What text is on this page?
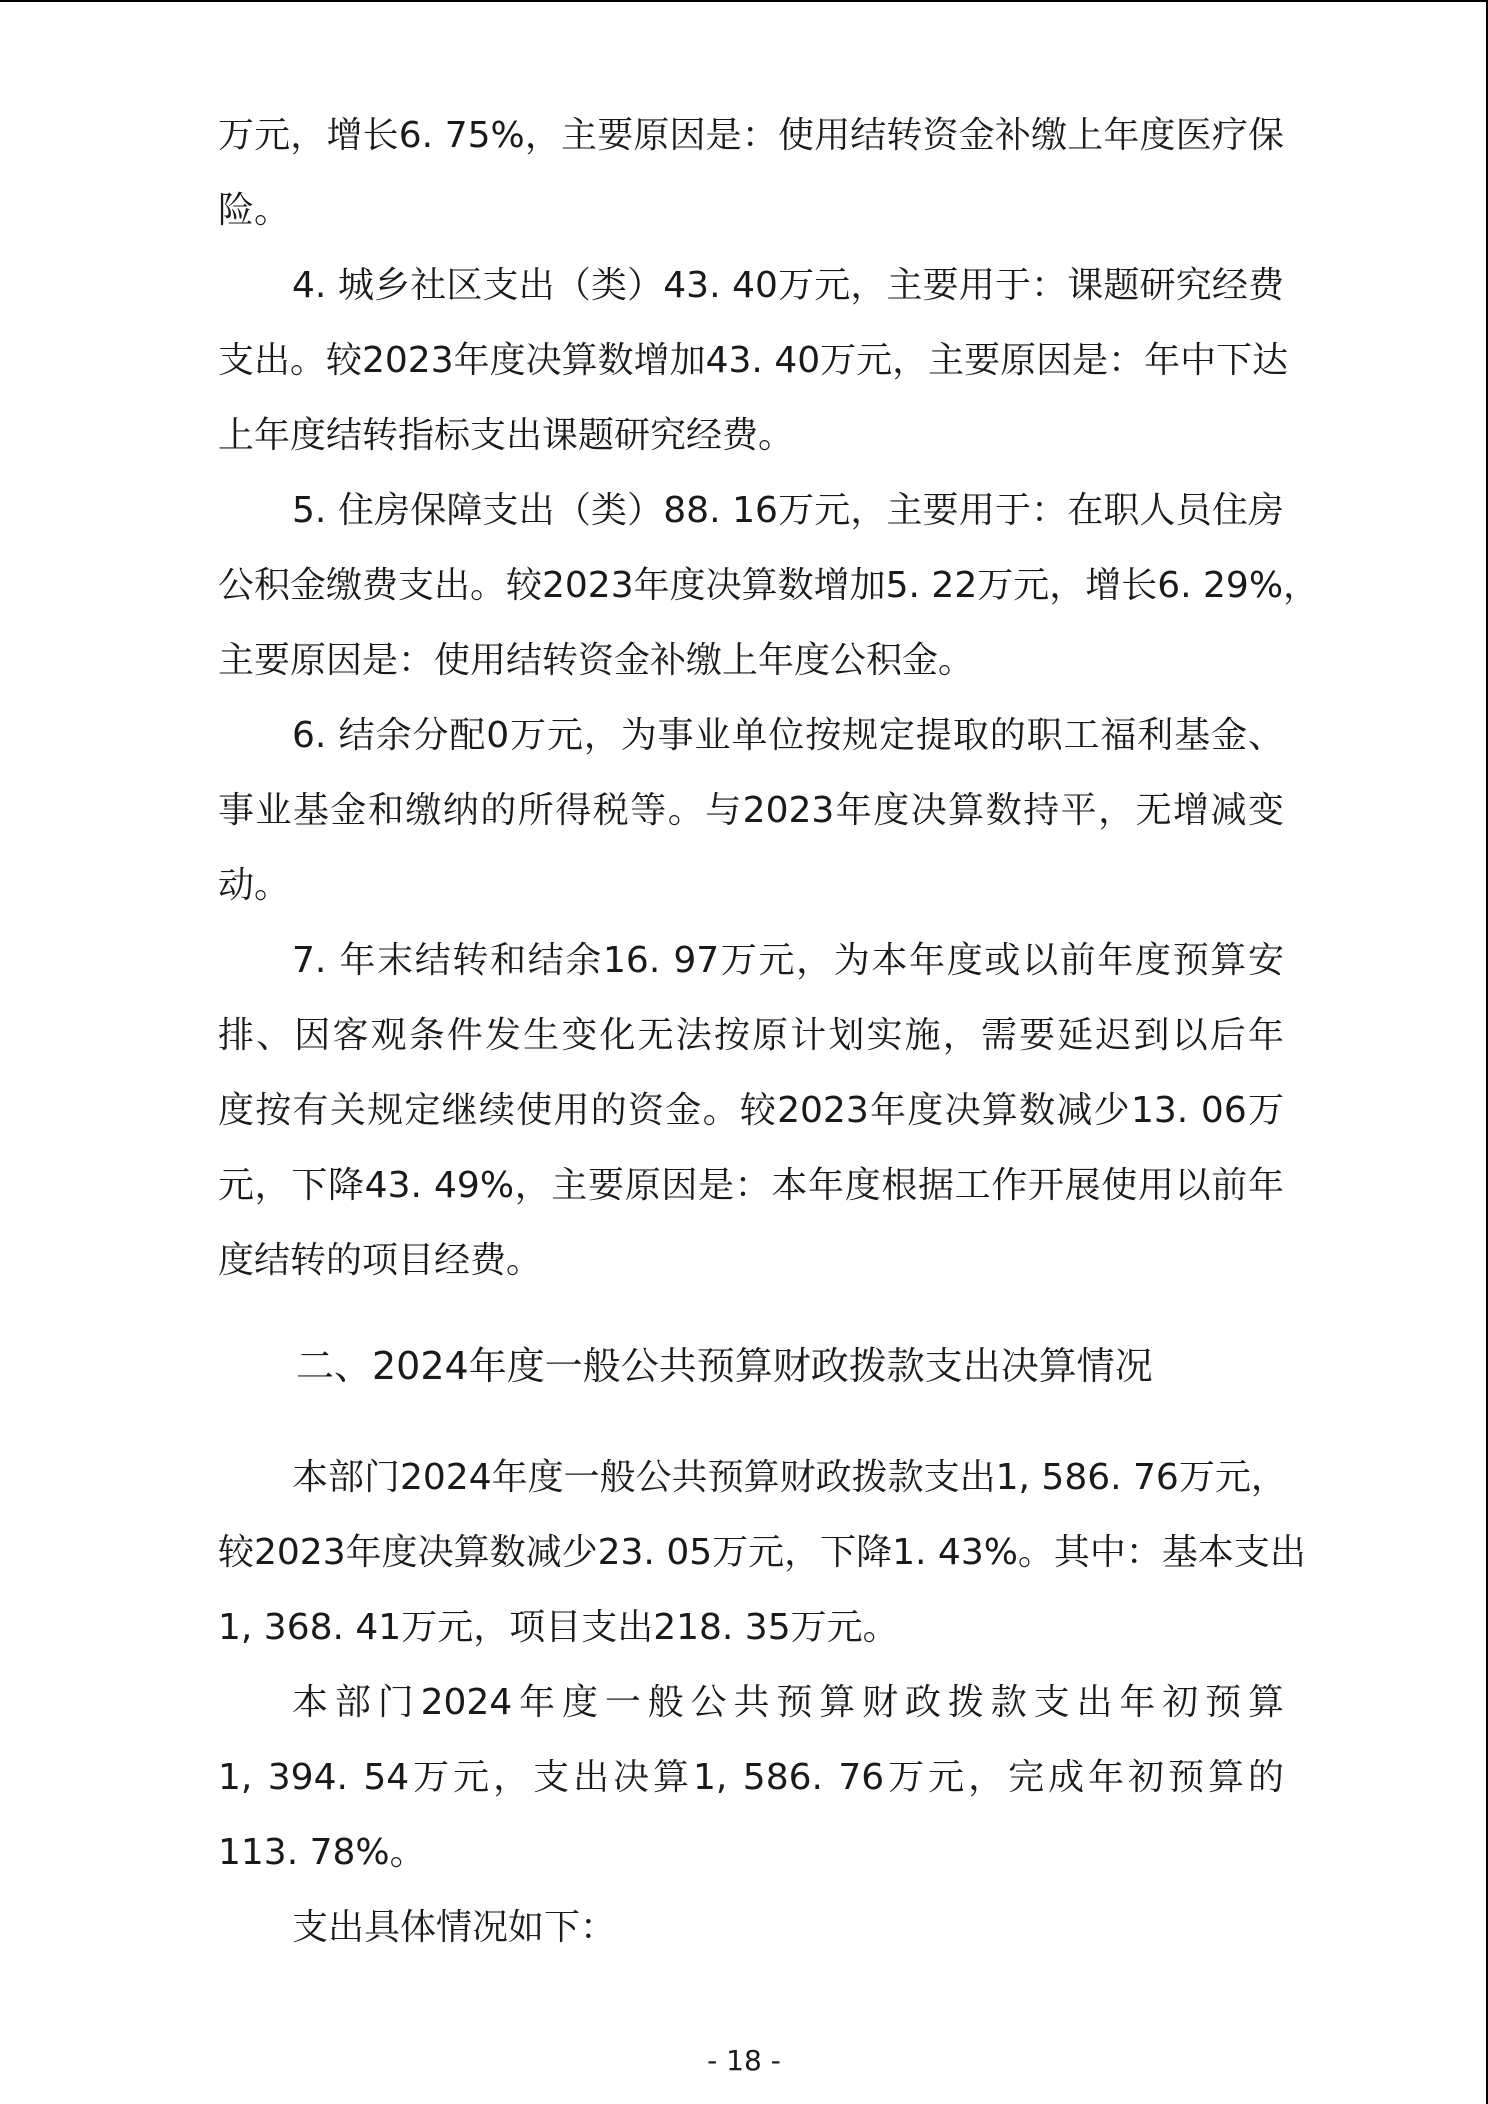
万元，增长6. 75%，主要原因是：使用结转资金补缴上年度医疗保
险。
4. 城乡社区支出（类）43. 40万元，主要用于：课题研究经费
支出。较2023年度决算数增加43. 40万元，主要原因是：年中下达
上年度结转指标支出课题研究经费。
5. 住房保障支出（类）88. 16万元，主要用于：在职人员住房
公积金缴费支出。较2023年度决算数增加5. 22万元，增长6. 29%，
主要原因是：使用结转资金补缴上年度公积金。
6. 结余分配0万元，为事业单位按规定提取的职工福利基金、
事业基金和缴纳的所得税等。与2023年度决算数持平，无增减变
动。
7. 年末结转和结余16. 97万元，为本年度或以前年度预算安
排、因客观条件发生变化无法按原计划实施，需要延迟到以后年
度按有关规定继续使用的资金。较2023年度决算数减少13. 06万
元，下降43. 49%，主要原因是：本年度根据工作开展使用以前年
度结转的项目经费。
二、2024年度一般公共预算财政拨款支出决算情况
本部门2024年度一般公共预算财政拨款支出1, 586. 76万元，
较2023年度决算数减少23. 05万元，下降1. 43%。其中：基本支出
1, 368. 41万元，项目支出218. 35万元。
本部门2024年度一般公共预算财政拨款支出年初预算
1, 394. 54万元，支出决算1, 586. 76万元，完成年初预算的
113. 78%。
支出具体情况如下：
- 18 -
